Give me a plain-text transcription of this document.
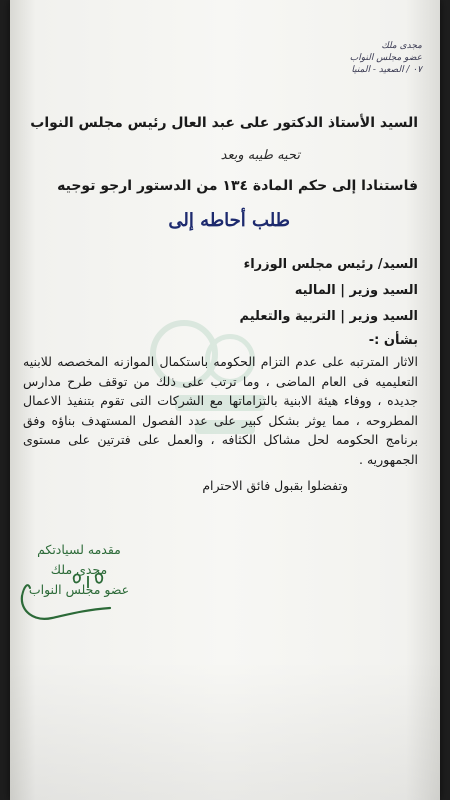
مجدى ملك
عضو مجلس النواب
٠٧ / الصعيد - المنيا
السيد الأستاذ الدكتور على عبد العال رئيس مجلس النواب
تحيه طيبه وبعد
فاستنادا إلى حكم المادة ١٣٤ من الدستور ارجو توجيه
طلب أحاطه إلى
السيد/ رئيس مجلس الوزراء
السيد وزير | الماليه
السيد وزير | التربية والتعليم
بشأن :-
الاثار المترتبه على عدم التزام الحكومه باستكمال الموازنه المخصصه للابنيه التعليميه فى العام الماضى ، وما ترتب على ذلك من توقف طرح مدارس جديده ، ووفاء هيئة الابنية بالتزاماتها مع الشركات التى تقوم بتنفيذ الاعمال المطروحه ، مما يوثر بشكل كبير على عدد الفصول المستهدف بناؤه وفق برنامج الحكومه لحل مشاكل الكثافه ، والعمل على فترتين على مستوى الجمهوريه .
وتفضلوا بقبول فائق الاحترام
مقدمه لسيادتكم
مجدى ملك
عضو مجلس النواب
